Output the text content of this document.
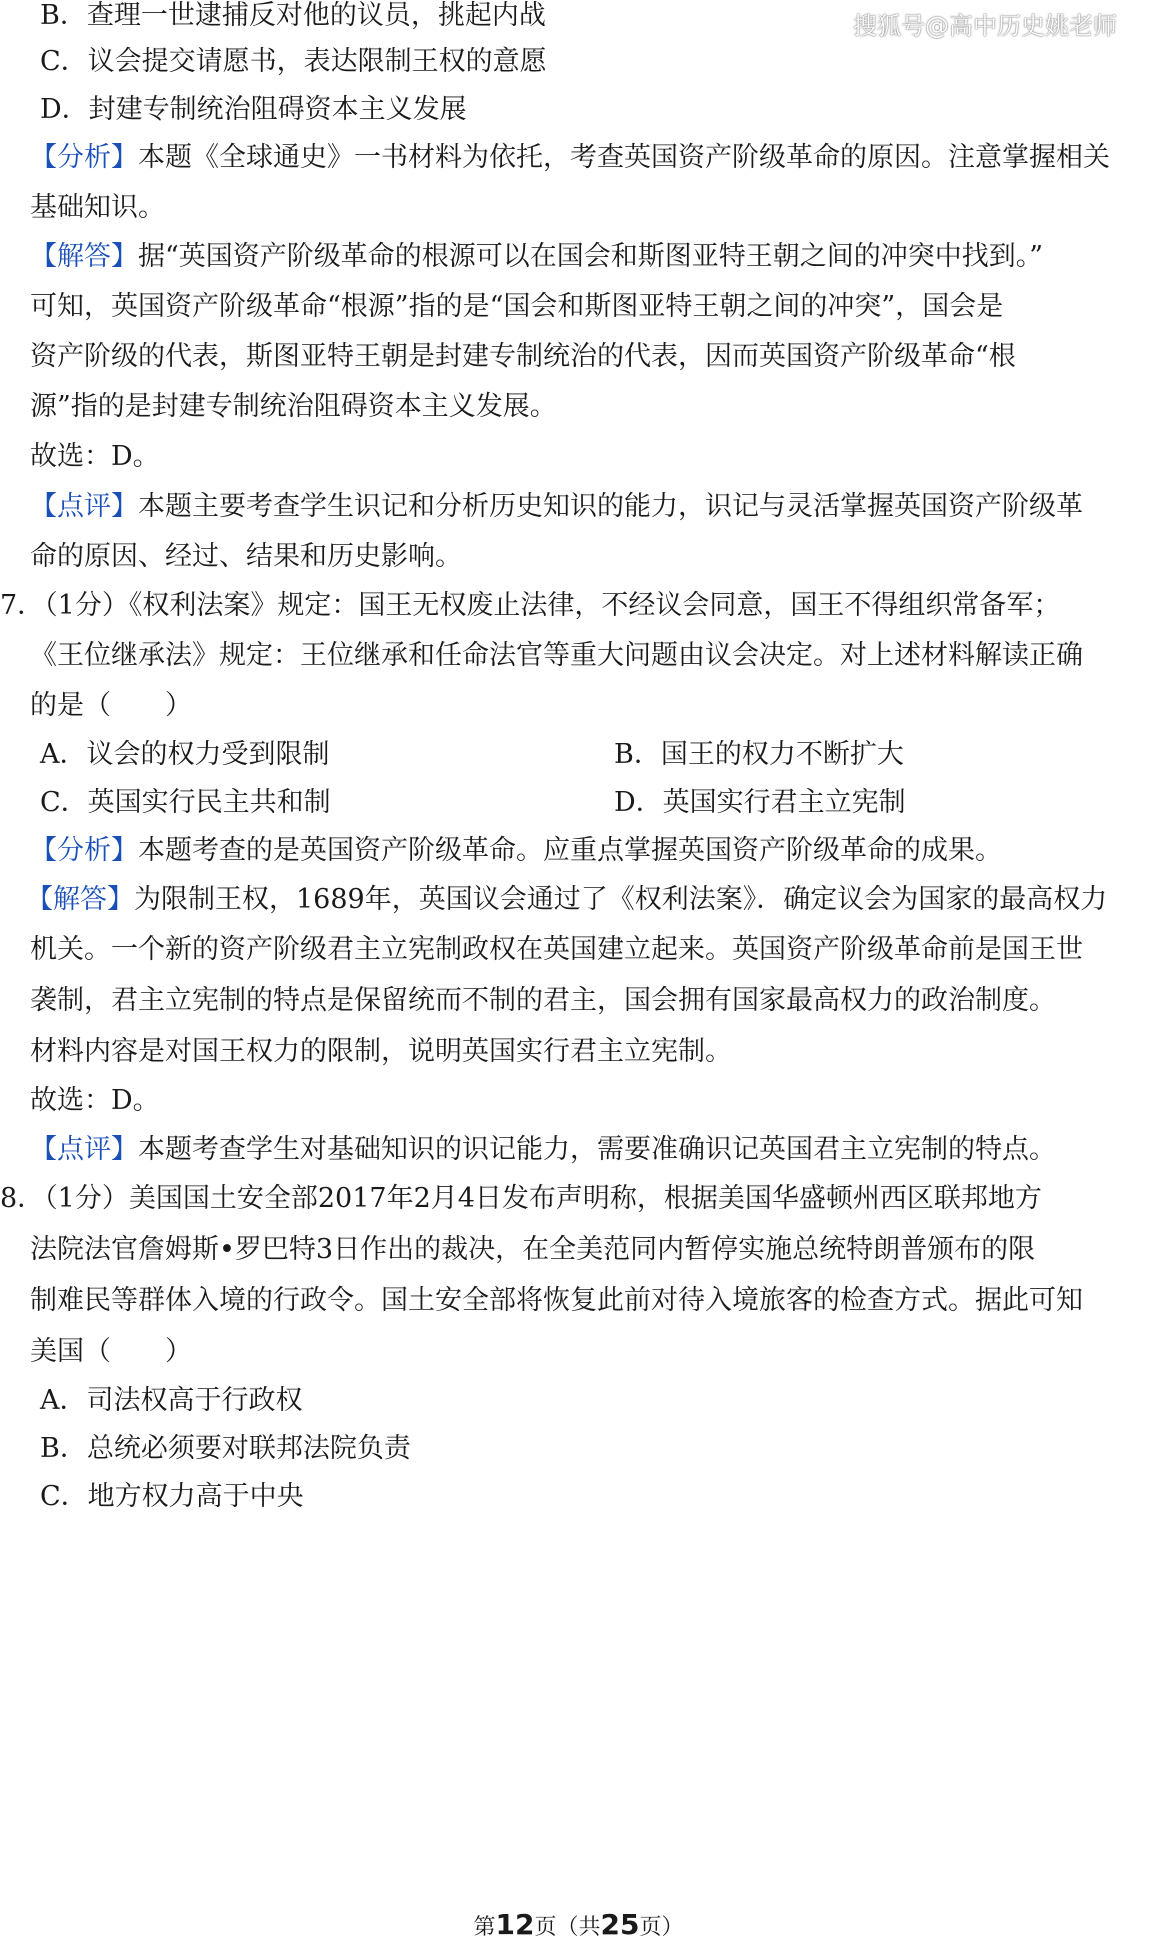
搜狐号@高中历史姚老师
B．查理一世逮捕反对他的议员，挑起内战
C．议会提交请愿书，表达限制王权的意愿
D．封建专制统治阻碍资本主义发展
【分析】本题《全球通史》一书材料为依托，考查英国资产阶级革命的原因。注意掌握相关
基础知识。
【解答】据“英国资产阶级革命的根源可以在国会和斯图亚特王朝之间的冲突中找到。”
可知，英国资产阶级革命“根源”指的是“国会和斯图亚特王朝之间的冲突”，国会是
资产阶级的代表，斯图亚特王朝是封建专制统治的代表，因而英国资产阶级革命“根
源”指的是封建专制统治阻碍资本主义发展。
故选：D。
【点评】本题主要考查学生识记和分析历史知识的能力，识记与灵活掌握英国资产阶级革
命的原因、经过、结果和历史影响。
7．（1分）《权利法案》规定：国王无权废止法律，不经议会同意，国王不得组织常备军；
《王位继承法》规定：王位继承和任命法官等重大问题由议会决定。对上述材料解读正确
的是（　　）
A．议会的权力受到限制	B．国王的权力不断扩大
C．英国实行民主共和制	D．英国实行君主立宪制
【分析】本题考查的是英国资产阶级革命。应重点掌握英国资产阶级革命的成果。
【解答】为限制王权，1689年，英国议会通过了《权利法案》．确定议会为国家的最高权力
机关。一个新的资产阶级君主立宪制政权在英国建立起来。英国资产阶级革命前是国王世
袭制，君主立宪制的特点是保留统而不制的君主，国会拥有国家最高权力的政治制度。
材料内容是对国王权力的限制，说明英国实行君主立宪制。
故选：D。
【点评】本题考查学生对基础知识的识记能力，需要准确识记英国君主立宪制的特点。
8．（1分）美国国土安全部2017年2月4日发布声明称，根据美国华盛顿州西区联邦地方
法院法官詹姆斯•罗巴特3日作出的裁决，在全美范同内暂停实施总统特朗普颁布的限
制难民等群体入境的行政令。国土安全部将恢复此前对待入境旅客的检查方式。据此可知
美国（　　）
A．司法权高于行政权
B．总统必须要对联邦法院负责
C．地方权力高于中央
第12页（共25页）
